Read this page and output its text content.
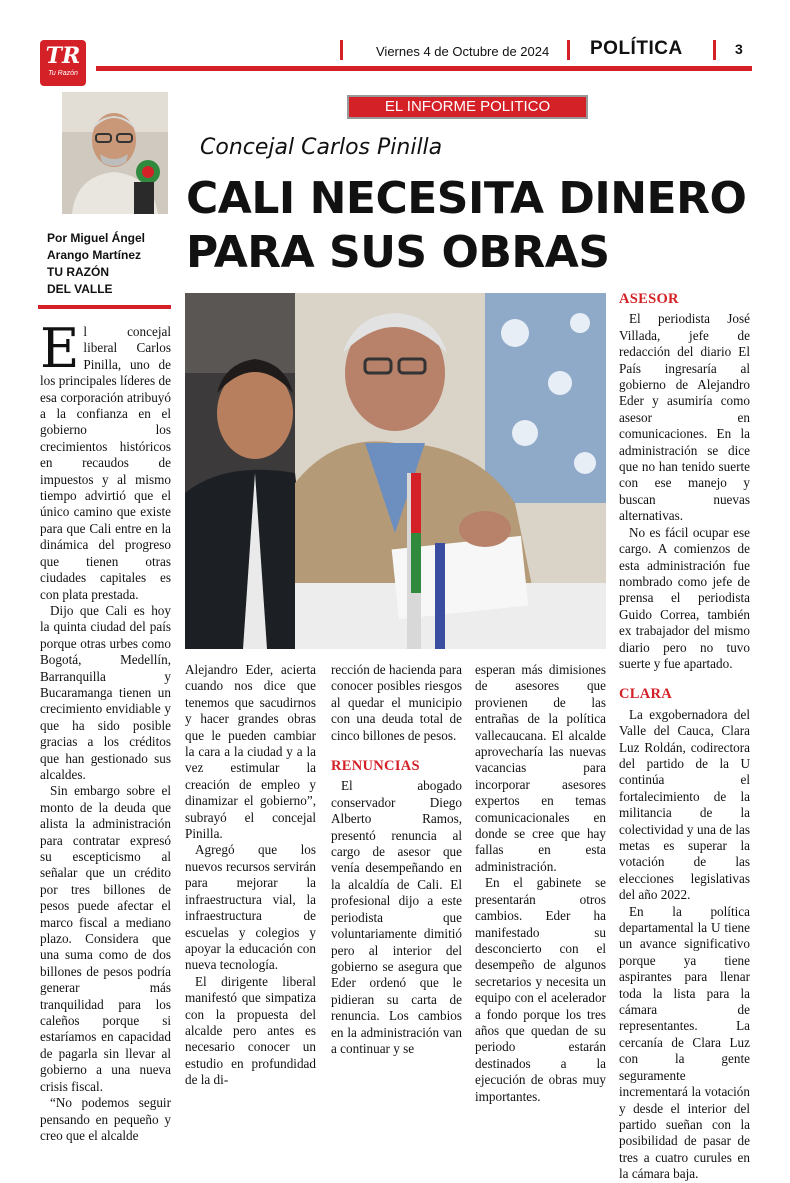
TR
Tu Razón
Viernes 4 de Octubre de 2024 POLÍTICA	3
Por Miguel Ángel
Arango Martínez
TU RAZÓN
DEL VALLE
EL INFORME POLITICO
Concejal Carlos Pinilla
CALI NECESITA DINERO
PARA SUS OBRAS

El concejal liberal Carlos Pinilla, uno de los principales líderes de esa corporación atribuyó a la confianza en el gobierno los crecimientos históricos en recaudos de impuestos y al mismo tiempo advirtió que el único camino que existe para que Cali entre en la dinámica del progreso que tienen otras ciudades capitales es con plata prestada.

Dijo que Cali es hoy la quinta ciudad del país porque otras urbes como Bogotá, Medellín, Barranquilla y Bucaramanga tienen un crecimiento envidiable y que ha sido posible gracias a los créditos que han gestionado sus alcaldes.

Sin embargo sobre el monto de la deuda que alista la administración para contratar expresó su escepticismo al señalar que un crédito por tres billones de pesos puede afectar el marco fiscal a mediano plazo. Considera que una suma como de dos billones de pesos podría generar más tranquilidad para los caleños porque si estaríamos en capacidad de pagarla sin llevar al gobierno a una nueva crisis fiscal.

“No podemos seguir pensando en pequeño y creo que el alcalde

Alejandro Eder, acierta cuando nos dice que tenemos que sacudirnos y hacer grandes obras que le pueden cambiar la cara a la ciudad y a la vez estimular la creación de empleo y dinamizar el gobierno”, subrayó el concejal Pinilla.

Agregó que los nuevos recursos servirán para mejorar la infraestructura vial, la infraestructura de escuelas y colegios y apoyar la educación con nueva tecnología.

El dirigente liberal manifestó que simpatiza con la propuesta del alcalde pero antes es necesario conocer un estudio en profundidad de la di-

rección de hacienda para conocer posibles riesgos al quedar el municipio con una deuda total de cinco billones de pesos.

RENUNCIAS

El abogado conservador Diego Alberto Ramos, presentó renuncia al cargo de asesor que venía desempeñando en la alcaldía de Cali. El profesional dijo a este periodista que voluntariamente dimitió pero al interior del gobierno se asegura que Eder ordenó que le pidieran su carta de renuncia. Los cambios en la administración van a continuar y se

esperan más dimisiones de asesores que provienen de las entrañas de la política vallecaucana. El alcalde aprovecharía las nuevas vacancias para incorporar asesores expertos en temas comunicacionales en donde se cree que hay fallas en esta administración.

En el gabinete se presentarán otros cambios. Eder ha manifestado su desconcierto con el desempeño de algunos secretarios y necesita un equipo con el acelerador a fondo porque los tres años que quedan de su periodo estarán destinados a la ejecución de obras muy importantes.

ASESOR

El periodista José Villada, jefe de redacción del diario El País ingresaría al gobierno de Alejandro Eder y asumiría como asesor en comunicaciones. En la administración se dice que no han tenido suerte con ese manejo y buscan nuevas alternativas.

No es fácil ocupar ese cargo. A comienzos de esta administración fue nombrado como jefe de prensa el periodista Guido Correa, también ex trabajador del mismo diario pero no tuvo suerte y fue apartado.

CLARA

La exgobernadora del Valle del Cauca, Clara Luz Roldán, codirectora del partido de la U continúa el fortalecimiento de la militancia de la colectividad y una de las metas es superar la votación de las elecciones legislativas del año 2022.

En la política departamental la U tiene un avance significativo porque ya tiene aspirantes para llenar toda la lista para la cámara de representantes. La cercanía de Clara Luz con la gente seguramente incrementará la votación y desde el interior del partido sueñan con la posibilidad de pasar de tres a cuatro curules en la cámara baja.
